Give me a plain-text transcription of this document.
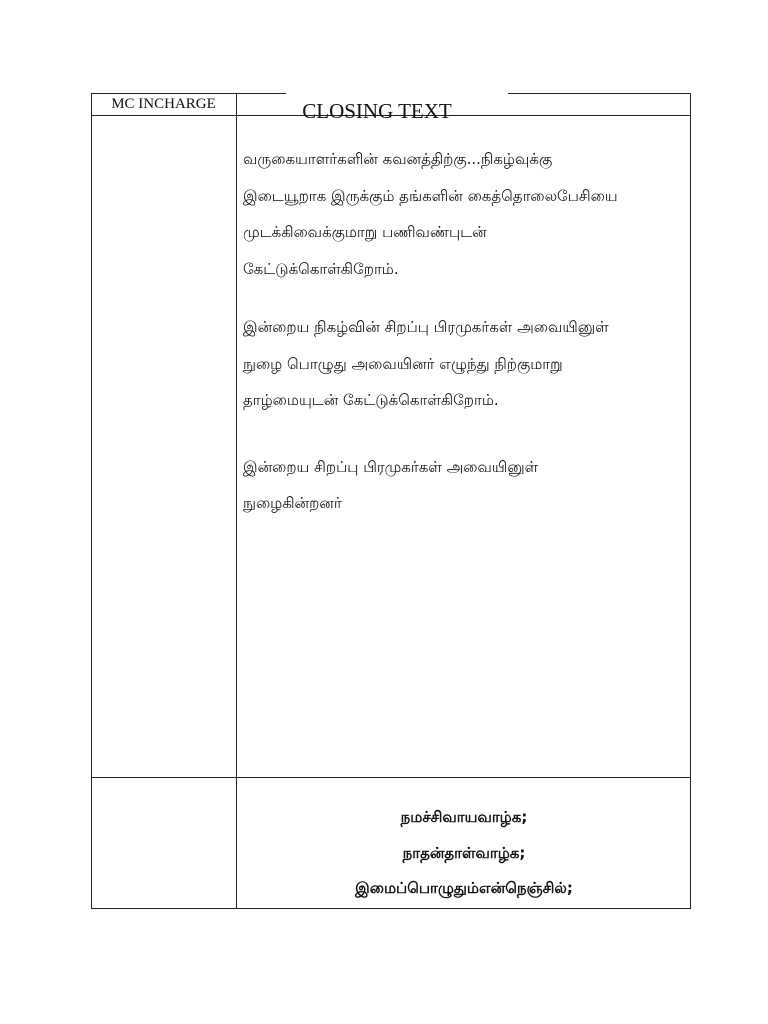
MC INCHARGE	CLOSING TEXT

வருகையாளர்களின் கவனத்திற்கு...நிகழ்வுக்கு

இடையூறாக இருக்கும் தங்களின் கைத்தொலைபேசியை

முடக்கிவைக்குமாறு பணிவண்புடன்

கேட்டுக்கொள்கிறோம்.

இன்றைய நிகழ்வின் சிறப்பு பிரமுகர்கள் அவையினுள்

நுழை பொழுது அவையினர் எழுந்து நிற்குமாறு

தாழ்மையுடன் கேட்டுக்கொள்கிறோம்.

இன்றைய சிறப்பு பிரமுகர்கள் அவையினுள்

நுழைகின்றனர்

நமச்சிவாயவாழ்க;

நாதன்தாள்வாழ்க;

இமைப்பொழுதும்என்நெஞ்சில்;
